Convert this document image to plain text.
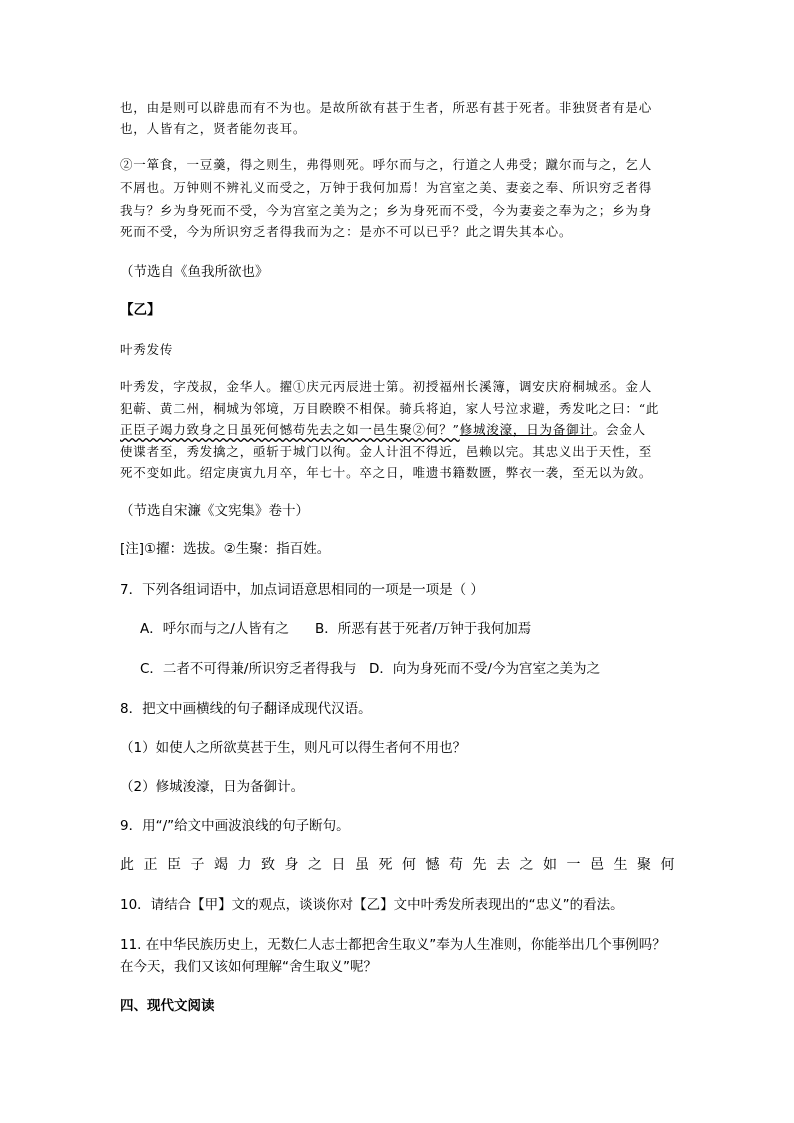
也，由是则可以辟患而有不为也。是故所欲有甚于生者，所恶有甚于死者。非独贤者有是心
也，人皆有之，贤者能勿丧耳。
②一箪食，一豆羹，得之则生，弗得则死。呼尔而与之，行道之人弗受；蹴尔而与之，乞人
不屑也。万钟则不辨礼义而受之，万钟于我何加焉！为宫室之美、妻妾之奉、所识穷乏者得
我与？乡为身死而不受，今为宫室之美为之；乡为身死而不受，今为妻妾之奉为之；乡为身
死而不受，今为所识穷乏者得我而为之：是亦不可以已乎？此之谓失其本心。
（节选自《鱼我所欲也》
【乙】
叶秀发传
叶秀发，字茂叔，金华人。擢①庆元丙辰进士第。初授福州长溪簿，调安庆府桐城丞。金人
犯蕲、黄二州，桐城为邻境，万目睽睽不相保。骑兵将迫，家人号泣求避，秀发叱之曰：“此
正臣子竭力致身之日虽死何憾苟先去之如一邑生聚②何？”修城浚濠，日为备御计。会金人
使谍者至，秀发擒之，亟斩于城门以徇。金人计沮不得近，邑赖以完。其忠义出于天性，至
死不变如此。绍定庚寅九月卒，年七十。卒之日，唯遗书籍数匮，弊衣一袭，至无以为敛。
（节选自宋濂《文宪集》卷十）
[注]①擢：选拔。②生聚：指百姓。
7．下列各组词语中，加点词语意思相同的一项是一项是（ ）
A．呼尔而与之/人皆有之 B．所恶有甚于死者/万钟于我何加焉
C．二者不可得兼/所识穷乏者得我与 D．向为身死而不受/今为宫室之美为之
8．把文中画横线的句子翻译成现代汉语。
（1）如使人之所欲莫甚于生，则凡可以得生者何不用也？
（2）修城浚濠，日为备御计。
9．用“/”给文中画波浪线的句子断句。
此正臣子竭力致身之日虽死何憾苟先去之如一邑生聚何
10．请结合【甲】文的观点，谈谈你对【乙】文中叶秀发所表现出的“忠义”的看法。
11. 在中华民族历史上，无数仁人志士都把舍生取义”奉为人生准则，你能举出几个事例吗？
在今天，我们又该如何理解“舍生取义”呢？
四、现代文阅读
